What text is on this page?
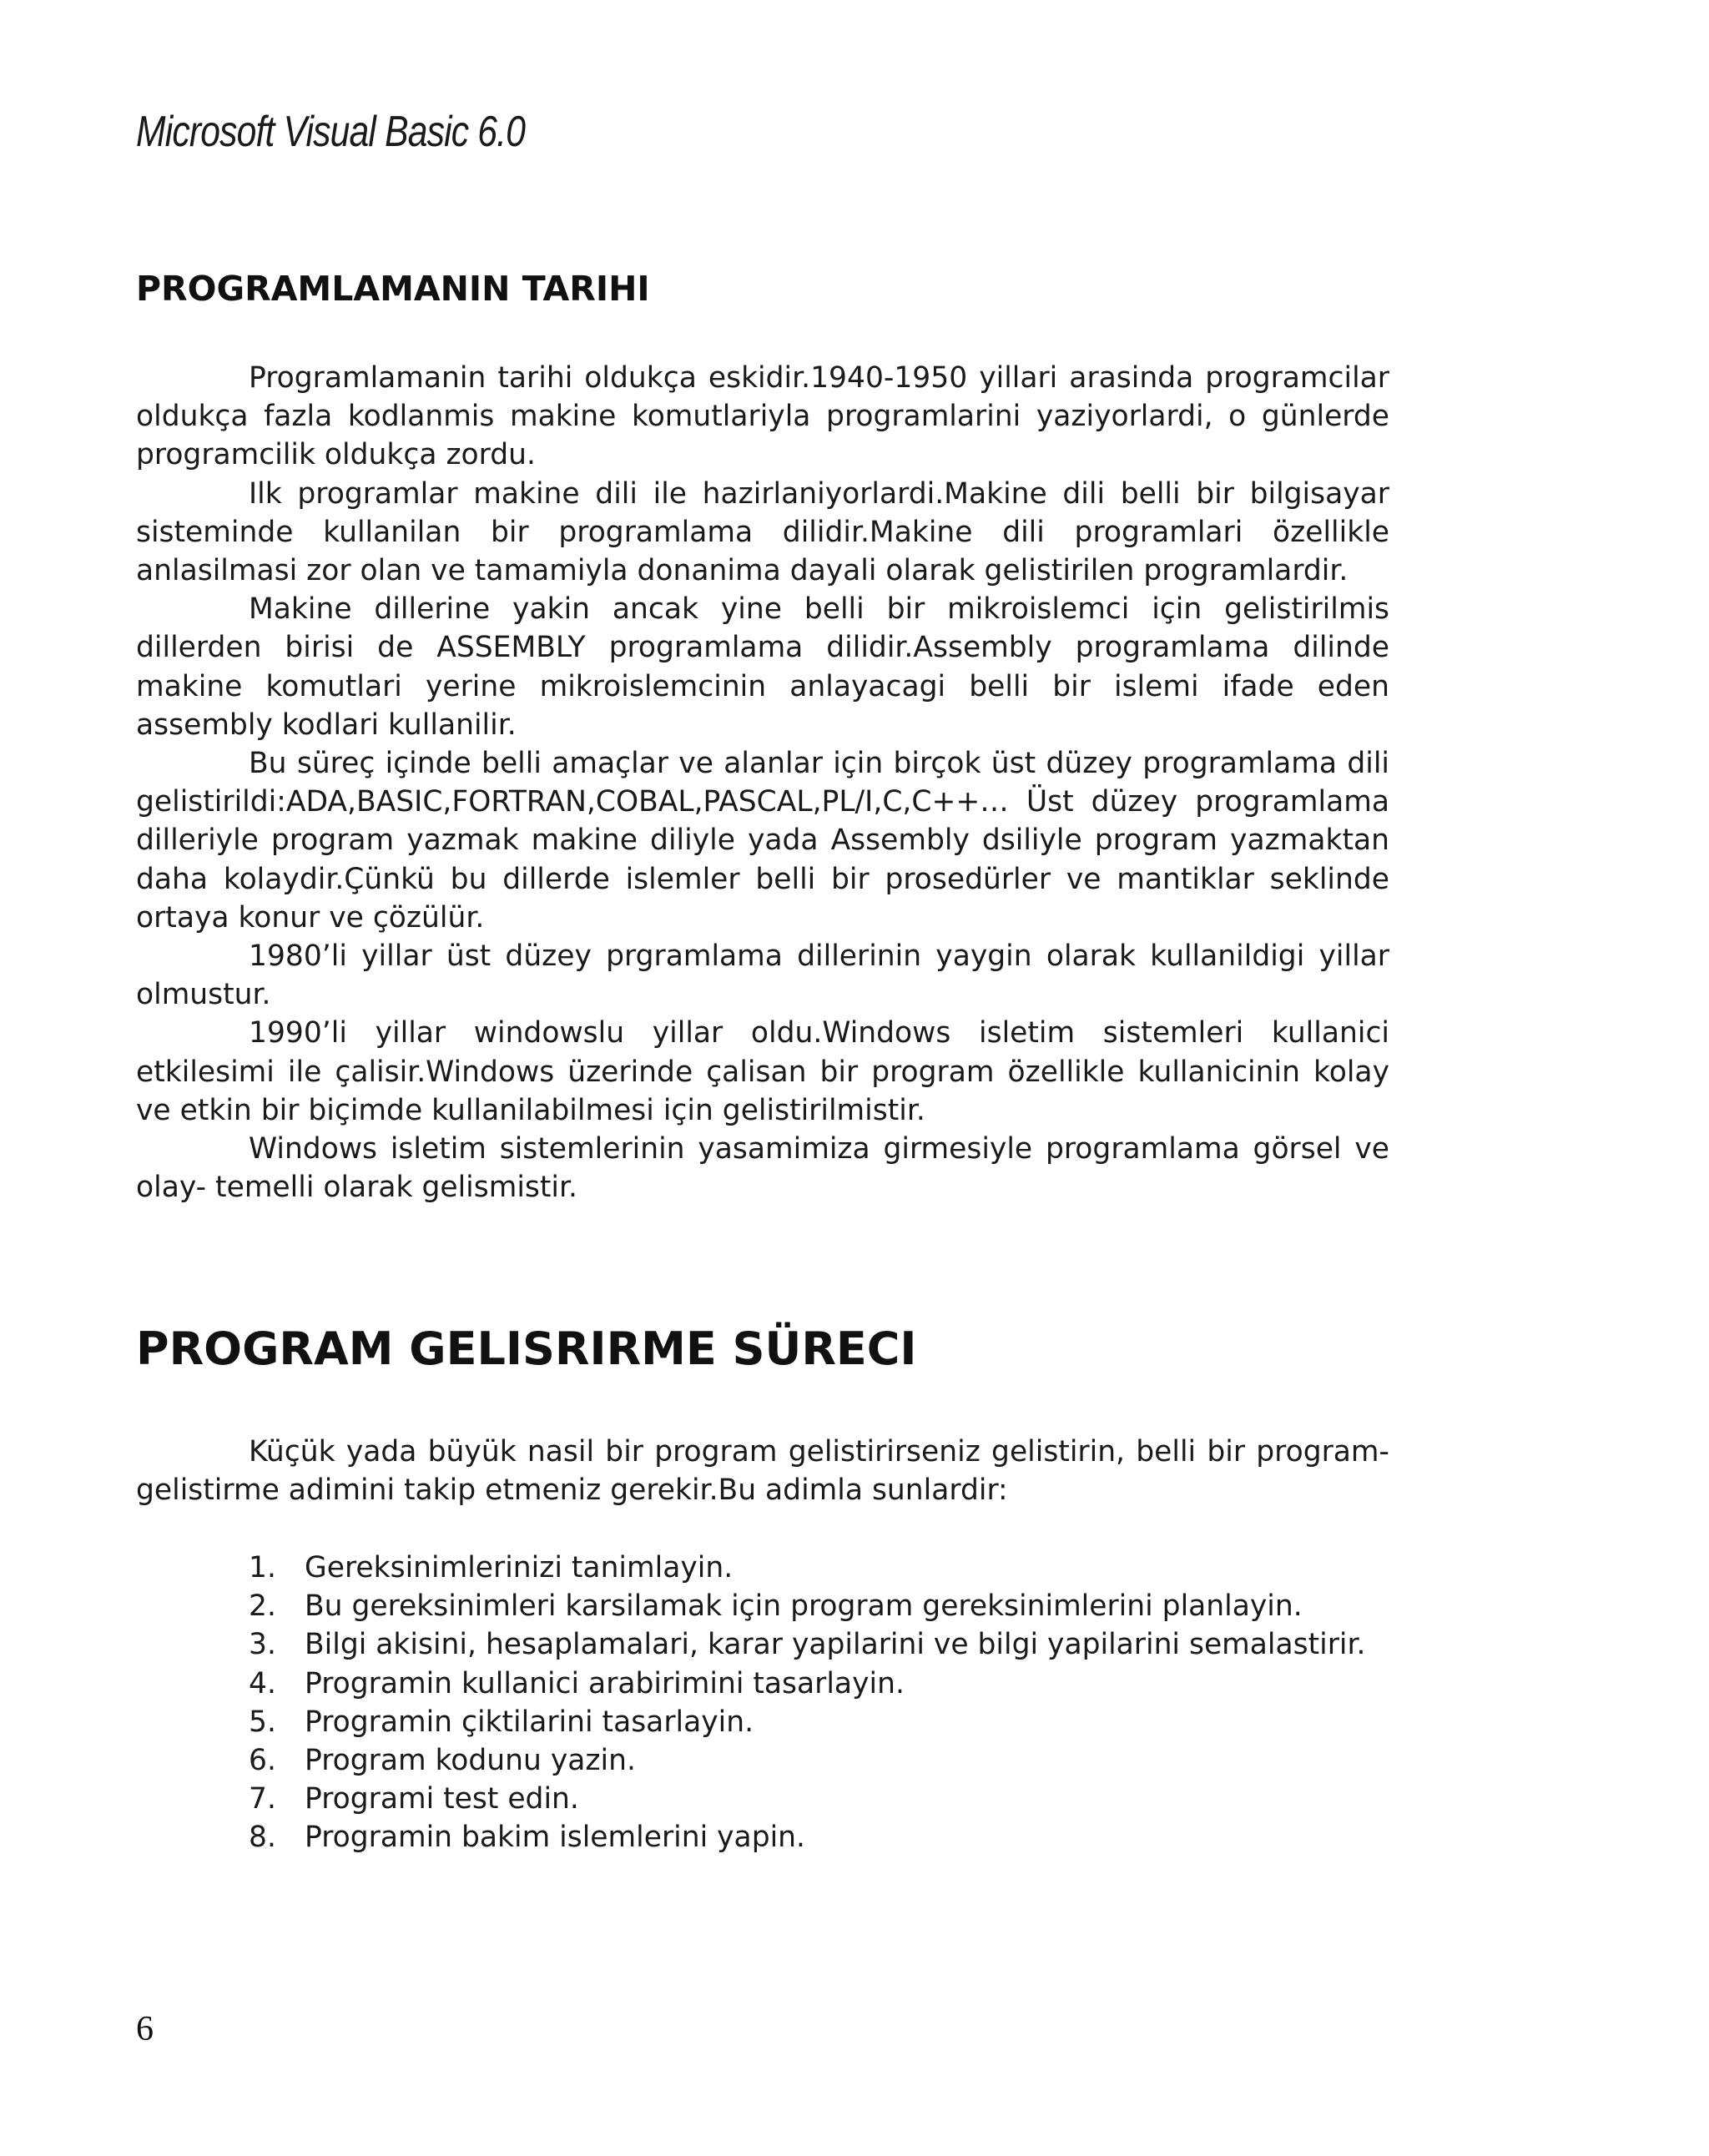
Microsoft Visual Basic 6.0
PROGRAMLAMANIN TARIHI

Programlamanin tarihi oldukça eskidir.1940-1950 yillari arasinda programcilar oldukça fazla kodlanmis makine komutlariyla programlarini yaziyorlardi, o günlerde programcilik oldukça zordu.

Ilk programlar makine dili ile hazirlaniyorlardi.Makine dili belli bir bilgisayar sisteminde kullanilan bir programlama dilidir.Makine dili programlari özellikle anlasilmasi zor olan ve tamamiyla donanima dayali olarak gelistirilen programlardir.

Makine dillerine yakin ancak yine belli bir mikroislemci için gelistirilmis dillerden birisi de ASSEMBLY programlama dilidir.Assembly programlama dilinde makine komutlari yerine mikroislemcinin anlayacagi belli bir islemi ifade eden assembly kodlari kullanilir.

Bu süreç içinde belli amaçlar ve alanlar için birçok üst düzey programlama dili gelistirildi:ADA,BASIC,FORTRAN,COBAL,PASCAL,PL/I,C,C++… Üst düzey programlama dilleriyle program yazmak makine diliyle yada Assembly dsiliyle program yazmaktan daha kolaydir.Çünkü bu dillerde islemler belli bir prosedürler ve mantiklar seklinde ortaya konur ve çözülür.

1980’li yillar üst düzey prgramlama dillerinin yaygin olarak kullanildigi yillar olmustur.

1990’li yillar windowslu yillar oldu.Windows isletim sistemleri kullanici etkilesimi ile çalisir.Windows üzerinde çalisan bir program özellikle kullanicinin kolay ve etkin bir biçimde kullanilabilmesi için gelistirilmistir.

Windows isletim sistemlerinin yasamimiza girmesiyle programlama görsel ve olay- temelli olarak gelismistir.

PROGRAM GELISRIRME SÜRECI

Küçük yada büyük nasil bir program gelistirirseniz gelistirin, belli bir program-gelistirme adimini takip etmeniz gerekir.Bu adimla sunlardir:

1. Gereksinimlerinizi tanimlayin.
2. Bu gereksinimleri karsilamak için program gereksinimlerini planlayin.
3. Bilgi akisini, hesaplamalari, karar yapilarini ve bilgi yapilarini semalastirir.
4. Programin kullanici arabirimini tasarlayin.
5. Programin çiktilarini tasarlayin.
6. Program kodunu yazin.
7. Programi test edin.
8. Programin bakim islemlerini yapin.
6
